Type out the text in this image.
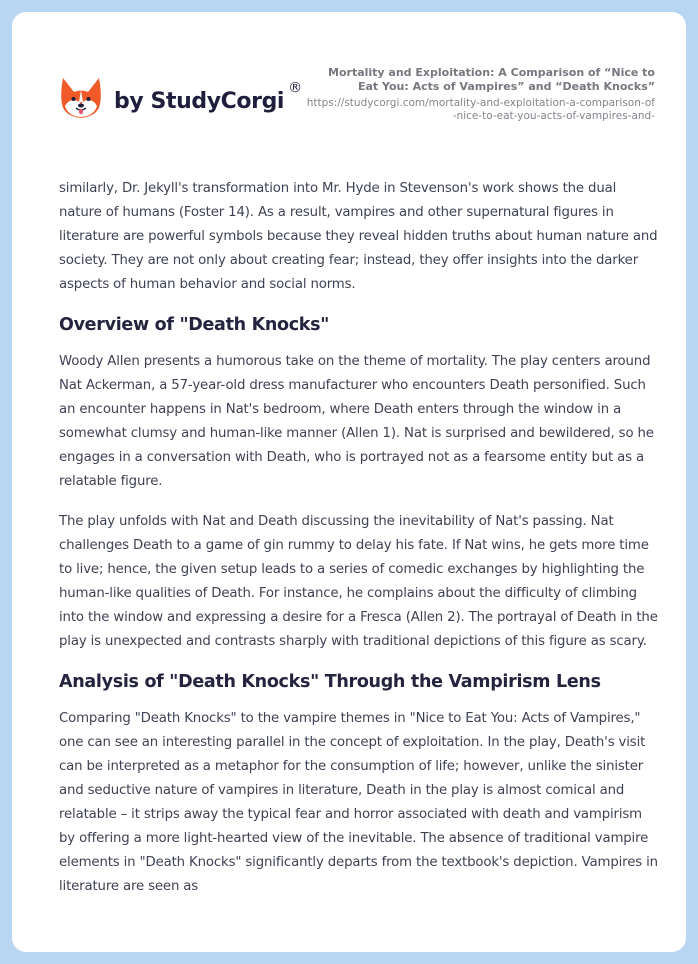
by StudyCorgi
®
Mortality and Exploitation: A Comparison of “Nice to Eat You: Acts of Vampires” and “Death Knocks”
https://studycorgi.com/mortality-and-exploitation-a-comparison-of-nice-to-eat-you-acts-of-vampires-and-

similarly, Dr. Jekyll's transformation into Mr. Hyde in Stevenson's work shows the dual nature of humans (Foster 14). As a result, vampires and other supernatural figures in literature are powerful symbols because they reveal hidden truths about human nature and society. They are not only about creating fear; instead, they offer insights into the darker aspects of human behavior and social norms.

Overview of "Death Knocks"

Woody Allen presents a humorous take on the theme of mortality. The play centers around Nat Ackerman, a 57-year-old dress manufacturer who encounters Death personified. Such an encounter happens in Nat's bedroom, where Death enters through the window in a somewhat clumsy and human-like manner (Allen 1). Nat is surprised and bewildered, so he engages in a conversation with Death, who is portrayed not as a fearsome entity but as a relatable figure.

The play unfolds with Nat and Death discussing the inevitability of Nat's passing. Nat challenges Death to a game of gin rummy to delay his fate. If Nat wins, he gets more time to live; hence, the given setup leads to a series of comedic exchanges by highlighting the human-like qualities of Death. For instance, he complains about the difficulty of climbing into the window and expressing a desire for a Fresca (Allen 2). The portrayal of Death in the play is unexpected and contrasts sharply with traditional depictions of this figure as scary.

Analysis of "Death Knocks" Through the Vampirism Lens

Comparing "Death Knocks" to the vampire themes in "Nice to Eat You: Acts of Vampires," one can see an interesting parallel in the concept of exploitation. In the play, Death's visit can be interpreted as a metaphor for the consumption of life; however, unlike the sinister and seductive nature of vampires in literature, Death in the play is almost comical and relatable – it strips away the typical fear and horror associated with death and vampirism by offering a more light-hearted view of the inevitable. The absence of traditional vampire elements in "Death Knocks" significantly departs from the textbook's depiction. Vampires in literature are seen as
